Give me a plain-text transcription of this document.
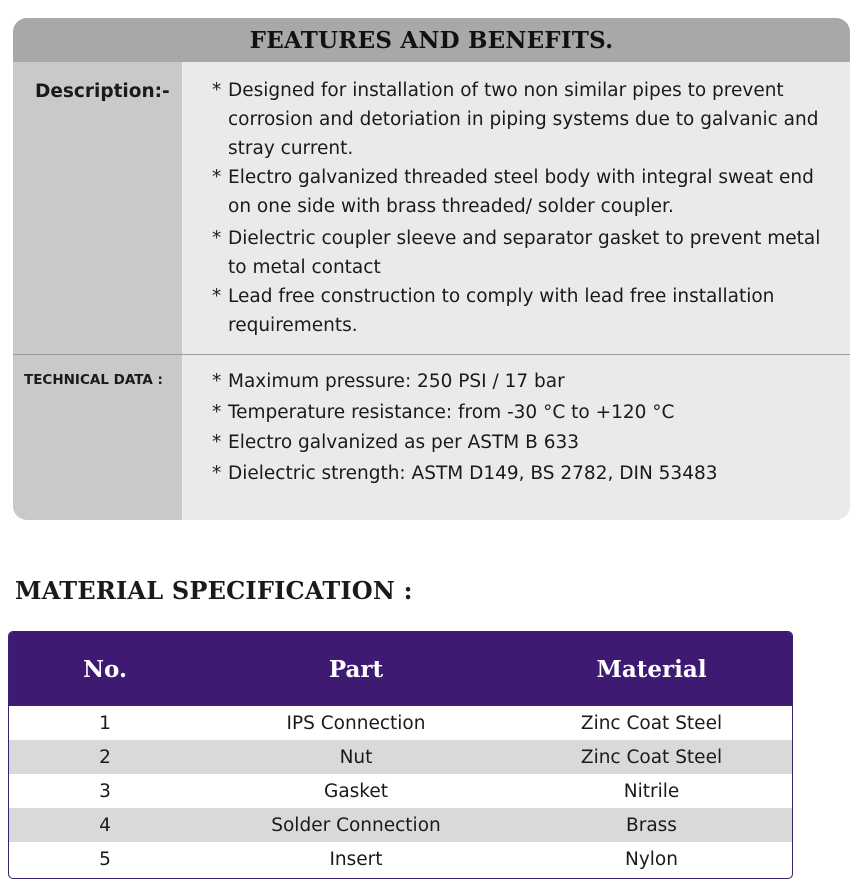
FEATURES AND BENEFITS.
Description:-	* Designed for installation of two non similar pipes to prevent corrosion and detoriation in piping systems due to galvanic and stray current.
* Electro galvanized threaded steel body with integral sweat end on one side with brass threaded/ solder coupler.
* Dielectric coupler sleeve and separator gasket to prevent metal to metal contact
* Lead free construction to comply with lead free installation requirements.
TECHNICAL DATA :	* Maximum pressure: 250 PSI / 17 bar
* Temperature resistance: from -30 °C to +120 °C
* Electro galvanized as per ASTM B 633
* Dielectric strength: ASTM D149, BS 2782, DIN 53483
MATERIAL SPECIFICATION :
No.	Part	Material
1	IPS Connection	Zinc Coat Steel
2	Nut	Zinc Coat Steel
3	Gasket	Nitrile
4	Solder Connection	Brass
5	Insert	Nylon
